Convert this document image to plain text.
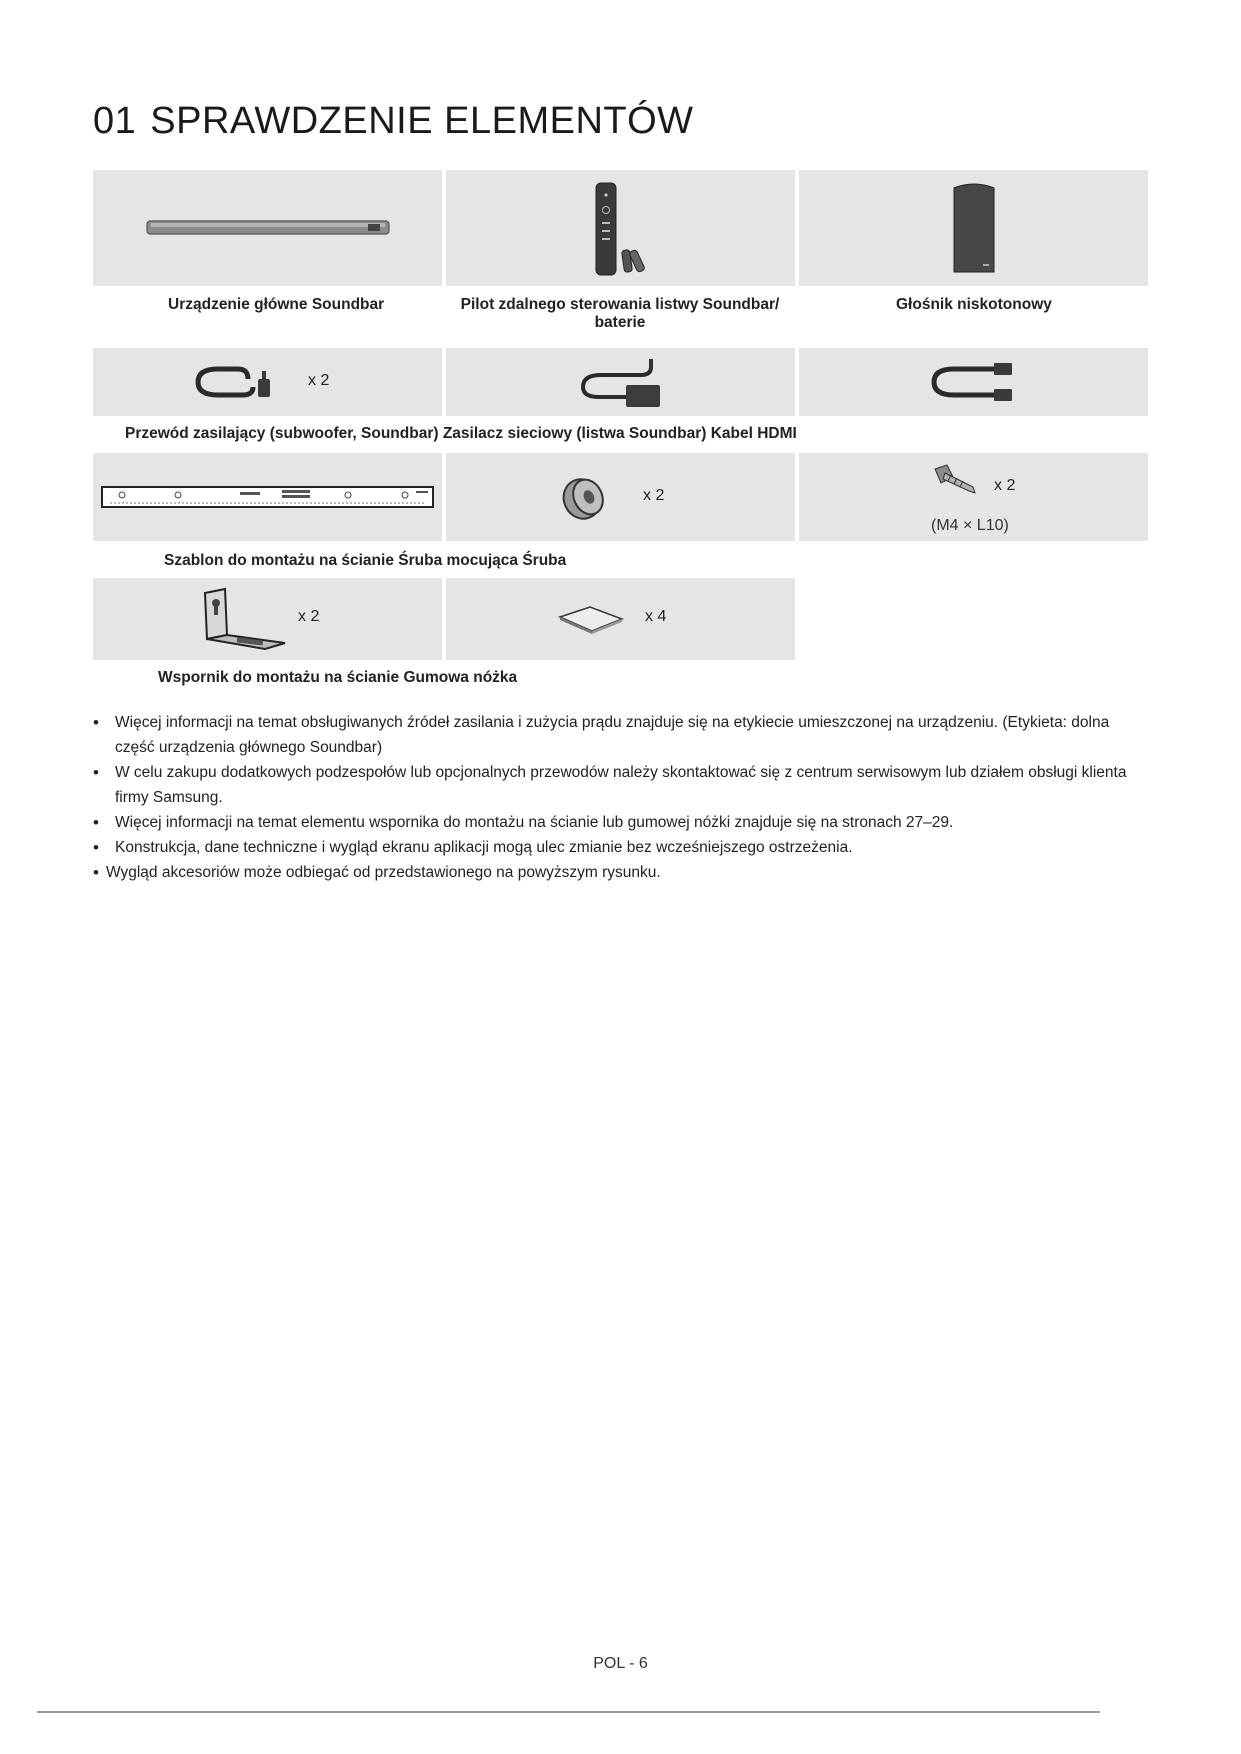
01 SPRAWDZENIE ELEMENTÓW

Urządzenie główne Soundbar	Pilot zdalnego sterowania listwy Soundbar/
baterie

Głośnik niskotonowy

x 2

Przewód zasilający (subwoofer, Soundbar) Zasilacz sieciowy (listwa Soundbar) Kabel HDMI

x 2
x 2
(M4 × L10)

Szablon do montażu na ścianie Śruba mocująca Śruba

x 2	x 4

Wspornik do montażu na ścianie Gumowa nóżka

• Więcej informacji na temat obsługiwanych źródeł zasilania i zużycia prądu znajduje się na etykiecie umieszczonej na urządzeniu. (Etykieta: dolna część urządzenia głównego Soundbar)
• W celu zakupu dodatkowych podzespołów lub opcjonalnych przewodów należy skontaktować się z centrum serwisowym lub działem obsługi klienta firmy Samsung.
• Więcej informacji na temat elementu wspornika do montażu na ścianie lub gumowej nóżki znajduje się na stronach 27–29.
• Konstrukcja, dane techniczne i wygląd ekranu aplikacji mogą ulec zmianie bez wcześniejszego ostrzeżenia.
• Wygląd akcesoriów może odbiegać od przedstawionego na powyższym rysunku.
POL - 6
